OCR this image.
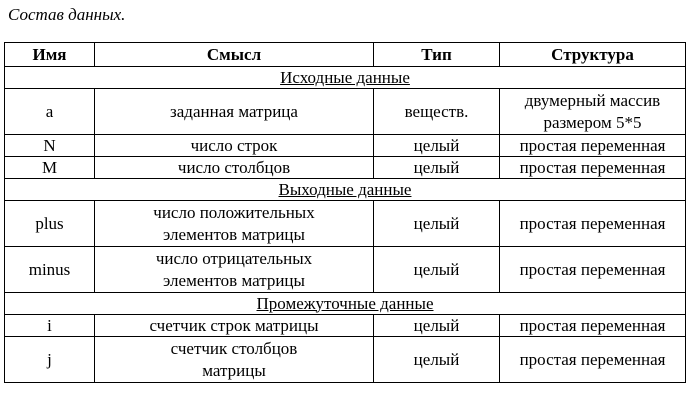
Состав данных.
Имя	Смысл	Тип	Структура
Исходные данные			
a	заданная матрица	веществ.	двумерный массив
размером 5*5

N	число строк	целый	простая переменная

M	число столбцов	целый	простая переменная

Выходные данные			
plus	число положительных
элементов матрицы	целый	простая переменная

minus	число отрицательных
элементов матрицы	целый	простая переменная

Промежуточные данные			
i	счетчик строк матрицы	целый	простая переменная

j	счетчик столбцов
матрицы	целый	простая переменная
